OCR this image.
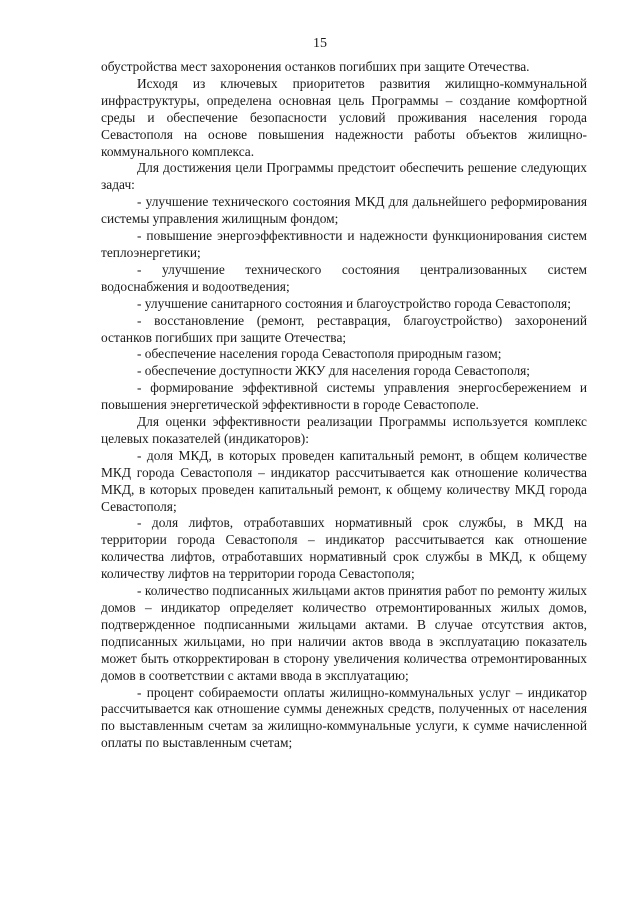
15

обустройства мест захоронения останков погибших при защите Отечества.

Исходя из ключевых приоритетов развития жилищно-коммунальной инфраструктуры, определена основная цель Программы – создание комфортной среды и обеспечение безопасности условий проживания населения города Севастополя на основе повышения надежности работы объектов жилищно-коммунального комплекса.

Для достижения цели Программы предстоит обеспечить решение следующих задач:

- улучшение технического состояния МКД для дальнейшего реформирования системы управления жилищным фондом;

- повышение энергоэффективности и надежности функционирования систем теплоэнергетики;

- улучшение технического состояния централизованных систем водоснабжения и водоотведения;

- улучшение санитарного состояния и благоустройство города Севастополя;

- восстановление (ремонт, реставрация, благоустройство) захоронений останков погибших при защите Отечества;

- обеспечение населения города Севастополя природным газом;

- обеспечение доступности ЖКУ для населения города Севастополя;

- формирование эффективной системы управления энергосбережением и повышения энергетической эффективности в городе Севастополе.

Для оценки эффективности реализации Программы используется комплекс целевых показателей (индикаторов):

- доля МКД, в которых проведен капитальный ремонт, в общем количестве МКД города Севастополя – индикатор рассчитывается как отношение количества МКД, в которых проведен капитальный ремонт, к общему количеству МКД города Севастополя;

- доля лифтов, отработавших нормативный срок службы, в МКД на территории города Севастополя – индикатор рассчитывается как отношение количества лифтов, отработавших нормативный срок службы в МКД, к общему количеству лифтов на территории города Севастополя;

- количество подписанных жильцами актов принятия работ по ремонту жилых домов – индикатор определяет количество отремонтированных жилых домов, подтвержденное подписанными жильцами актами. В случае отсутствия актов, подписанных жильцами, но при наличии актов ввода в эксплуатацию показатель может быть откорректирован в сторону увеличения количества отремонтированных домов в соответствии с актами ввода в эксплуатацию;

- процент собираемости оплаты жилищно-коммунальных услуг – индикатор рассчитывается как отношение суммы денежных средств, полученных от населения по выставленным счетам за жилищно-коммунальные услуги, к сумме начисленной оплаты по выставленным счетам;
